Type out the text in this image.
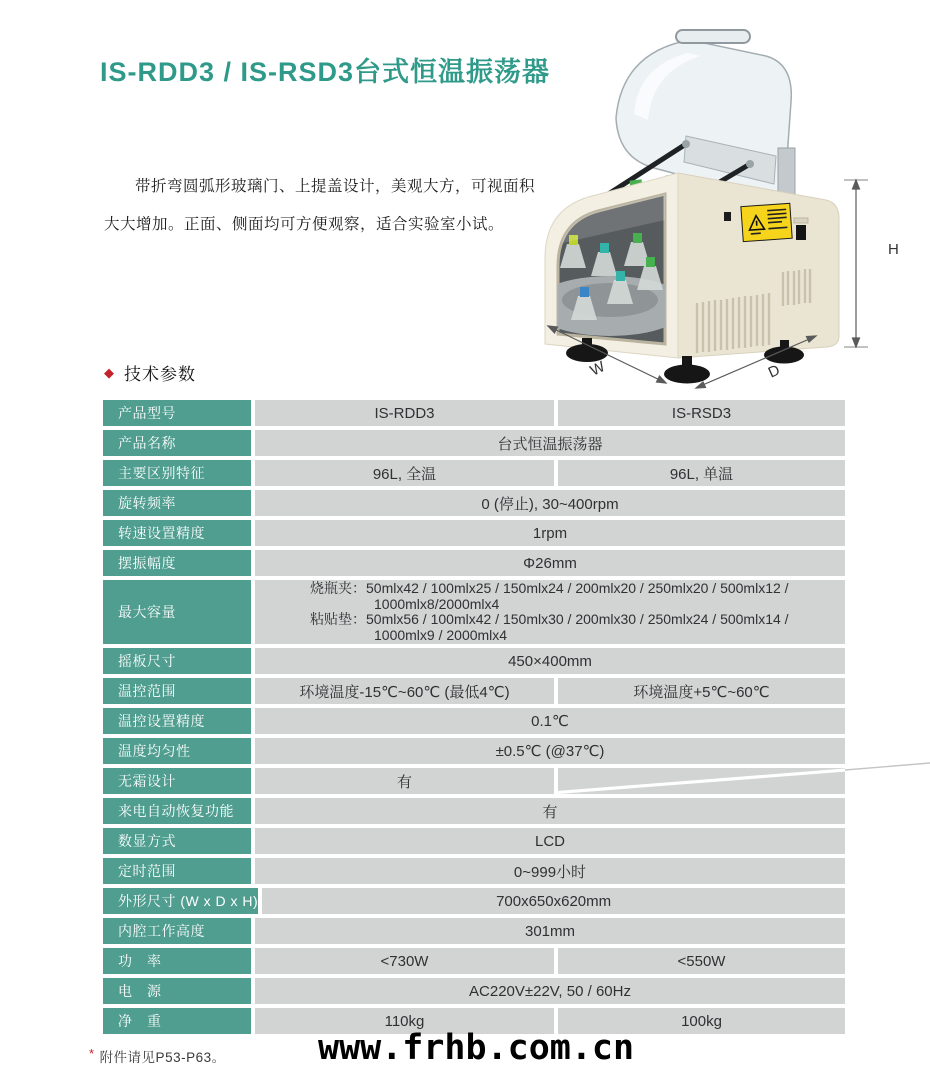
IS-RDD3 / IS-RSD3台式恒温振荡器
带折弯圆弧形玻璃门、上提盖设计，美观大方，可视面积
大大增加。正面、侧面均可方便观察，适合实验室小试。
H
W	D
◆ 技术参数
产品型号	IS-RDD3	IS-RSD3
产品名称	台式恒温振荡器
主要区别特征	96L, 全温	96L, 单温
旋转频率	0 (停止), 30~400rpm
转速设置精度	1rpm
摆振幅度	Φ26mm
最大容量
烧瓶夹：50mlx42 / 100mlx25 / 150mlx24 / 200mlx20 / 250mlx20 / 500mlx12 /
1000mlx8/2000mlx4
粘贴垫：50mlx56 / 100mlx42 / 150mlx30 / 200mlx30 / 250mlx24 / 500mlx14 /
1000mlx9 / 2000mlx4
摇板尺寸	450×400mm
温控范围	环境温度-15℃~60℃ (最低4℃)	环境温度+5℃~60℃
温控设置精度	0.1℃
温度均匀性	±0.5℃ (@37℃)
无霜设计	有
来电自动恢复功能	有
数显方式	LCD
定时范围	0~999小时
外形尺寸 (W x D x H)	700x650x620mm
内腔工作高度	301mm
功　率	<730W	<550W
电　源	AC220V±22V, 50 / 60Hz
净　重	110kg	100kg
* 附件请见P53-P63。	www.frhb.com.cn
